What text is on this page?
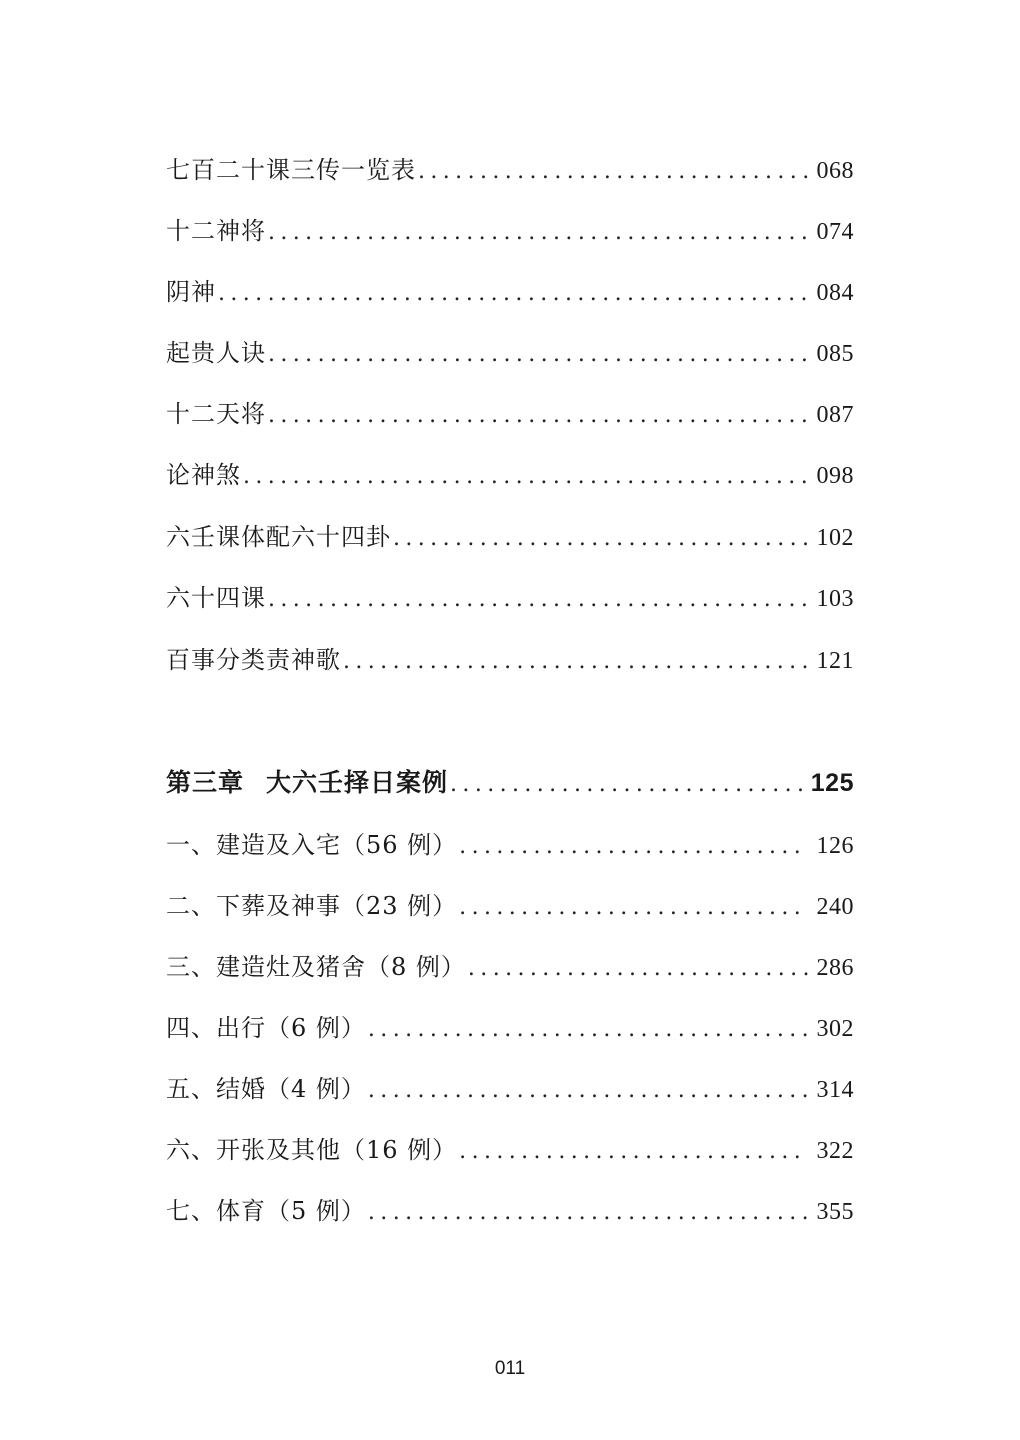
七百二十课三传一览表 .....	068
十二神将 .....	074
阴神 .....	084
起贵人诀 .....	085
十二天将 .....	087
论神煞 .....	098
六壬课体配六十四卦 .....	102
六十四课 .....	103
百事分类责神歌 .....	121
第三章 大六壬择日案例 .....	125
一、建造及入宅（56 例） .....	126
二、下葬及神事（23 例） .....	240
三、建造灶及猪舍（8 例） .....	286
四、出行（6 例） .....	302
五、结婚（4 例） .....	314
六、开张及其他（16 例） .....	322
七、体育（5 例） .....	355
011
